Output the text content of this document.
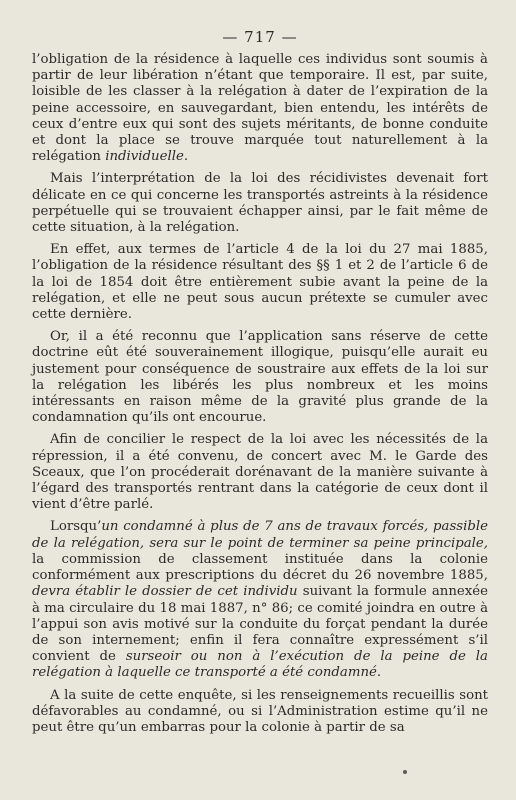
— 717 —

l’obligation de la résidence à laquelle ces individus sont soumis à partir de leur libération n’étant que temporaire. Il est, par suite, loisible de les classer à la relégation à dater de l’expiration de la peine accessoire, en sauvegardant, bien entendu, les intérêts de ceux d’entre eux qui sont des sujets méritants, de bonne conduite et dont la place se trouve marquée tout naturellement à la relégation individuelle.

Mais l’interprétation de la loi des récidivistes devenait fort délicate en ce qui concerne les transportés astreints à la résidence perpétuelle qui se trouvaient échapper ainsi, par le fait même de cette situation, à la relégation.

En effet, aux termes de l’article 4 de la loi du 27 mai 1885, l’obligation de la résidence résultant des §§ 1 et 2 de l’article 6 de la loi de 1854 doit être entièrement subie avant la peine de la relégation, et elle ne peut sous aucun prétexte se cumuler avec cette dernière.

Or, il a été reconnu que l’application sans réserve de cette doctrine eût été souverainement illogique, puisqu’elle aurait eu justement pour conséquence de soustraire aux effets de la loi sur la relégation les libérés les plus nombreux et les moins intéressants en raison même de la gravité plus grande de la condamnation qu’ils ont encourue.

Afin de concilier le respect de la loi avec les nécessités de la répression, il a été convenu, de concert avec M. le Garde des Sceaux, que l’on procéderait dorénavant de la manière suivante à l’égard des transportés rentrant dans la catégorie de ceux dont il vient d’être parlé.

Lorsqu’un condamné à plus de 7 ans de travaux forcés, passible de la relégation, sera sur le point de terminer sa peine principale, la commission de classement instituée dans la colonie conformément aux prescriptions du décret du 26 novembre 1885, devra établir le dossier de cet individu suivant la formule annexée à ma circulaire du 18 mai 1887, n° 86; ce comité joindra en outre à l’appui son avis motivé sur la conduite du forçat pendant la durée de son internement; enfin il fera connaître expressément s’il convient de surseoir ou non à l’exécution de la peine de la relégation à laquelle ce transporté a été condamné.

A la suite de cette enquête, si les renseignements recueillis sont défavorables au condamné, ou si l’Administration estime qu’il ne peut être qu’un embarras pour la colonie à partir de sa
